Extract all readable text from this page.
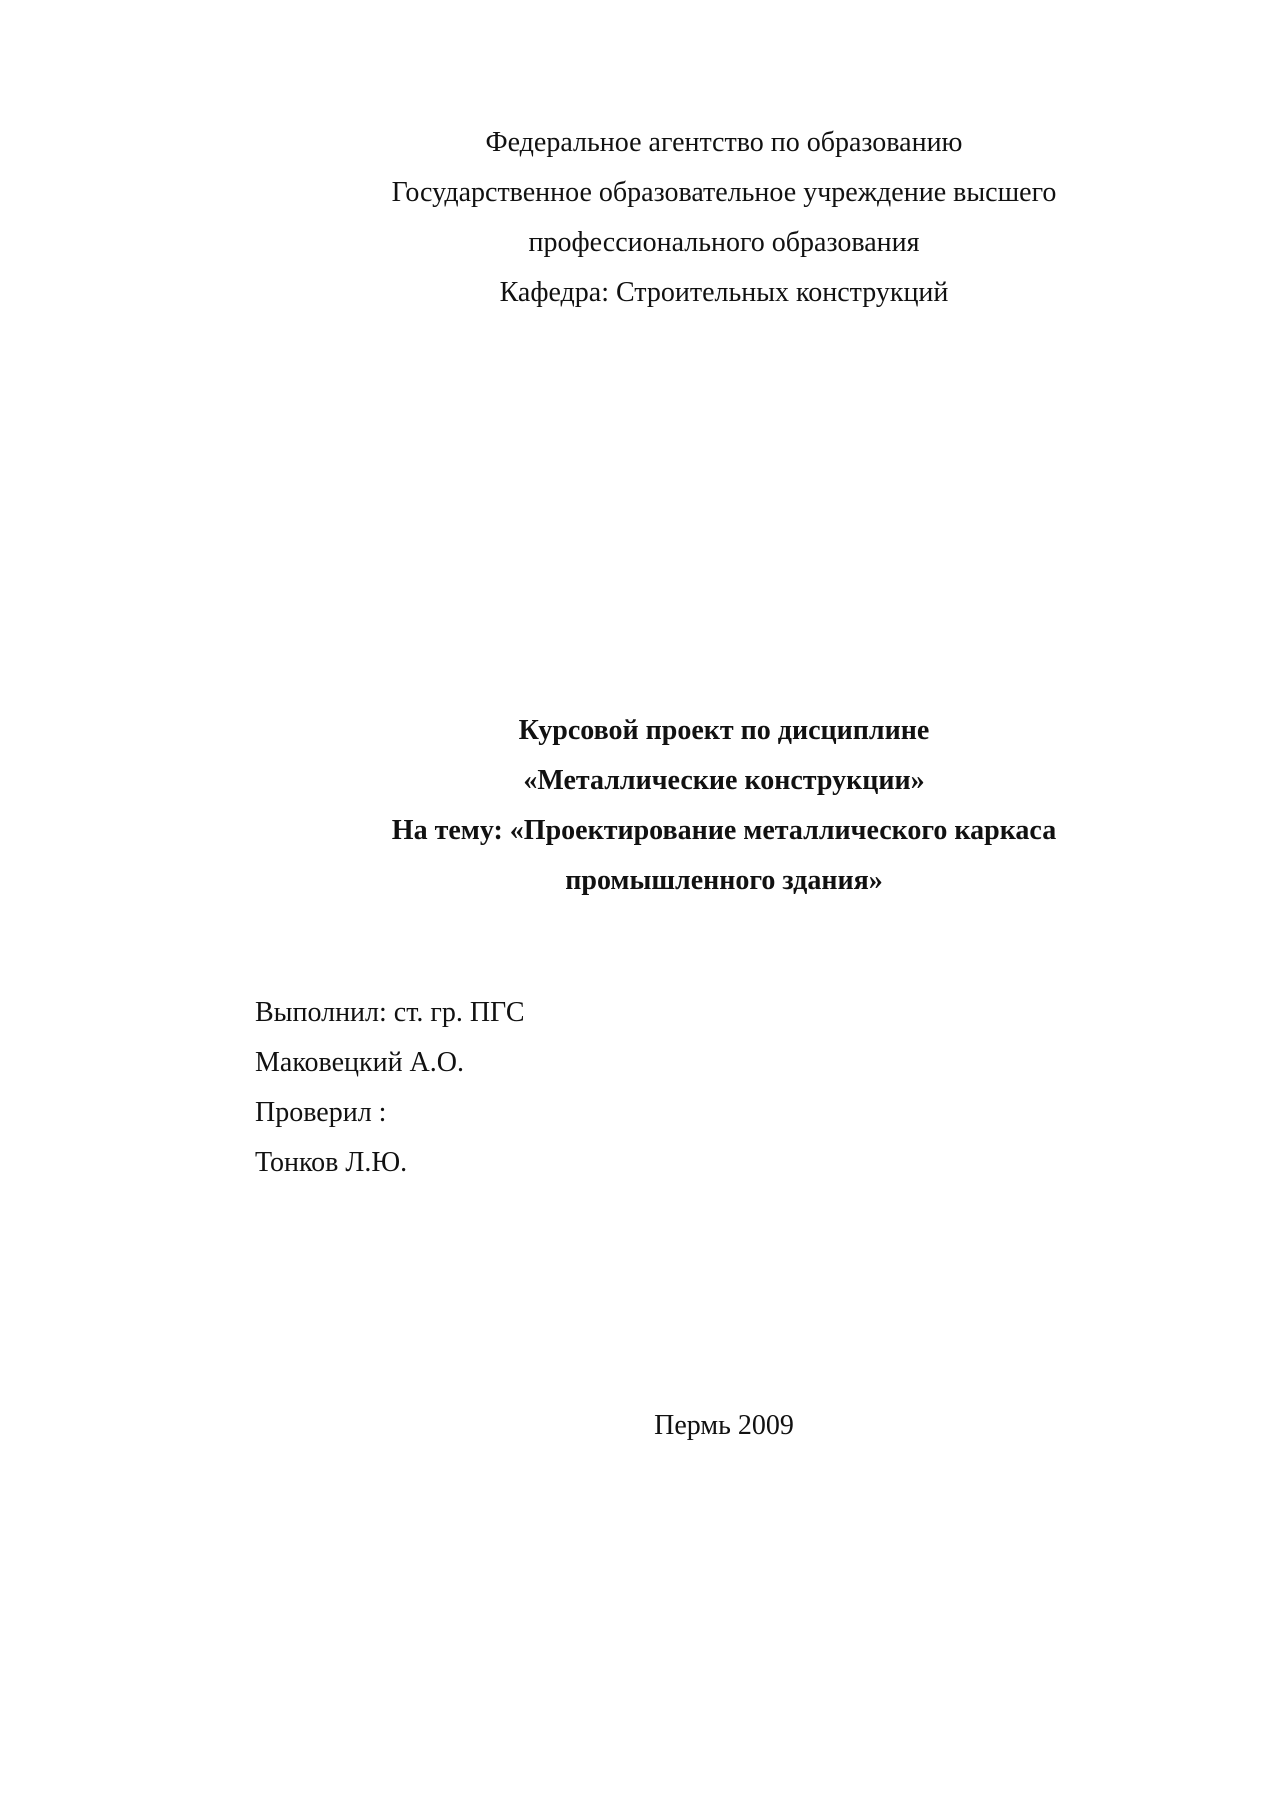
Федеральное агентство по образованию
Государственное образовательное учреждение высшего
профессионального образования
Кафедра: Строительных конструкций
Курсовой проект по дисциплине
«Металлические конструкции»
На тему: «Проектирование металлического каркаса
промышленного здания»
Выполнил: ст. гр. ПГС
Маковецкий А.О.
Проверил :
Тонков Л.Ю.
Пермь 2009
